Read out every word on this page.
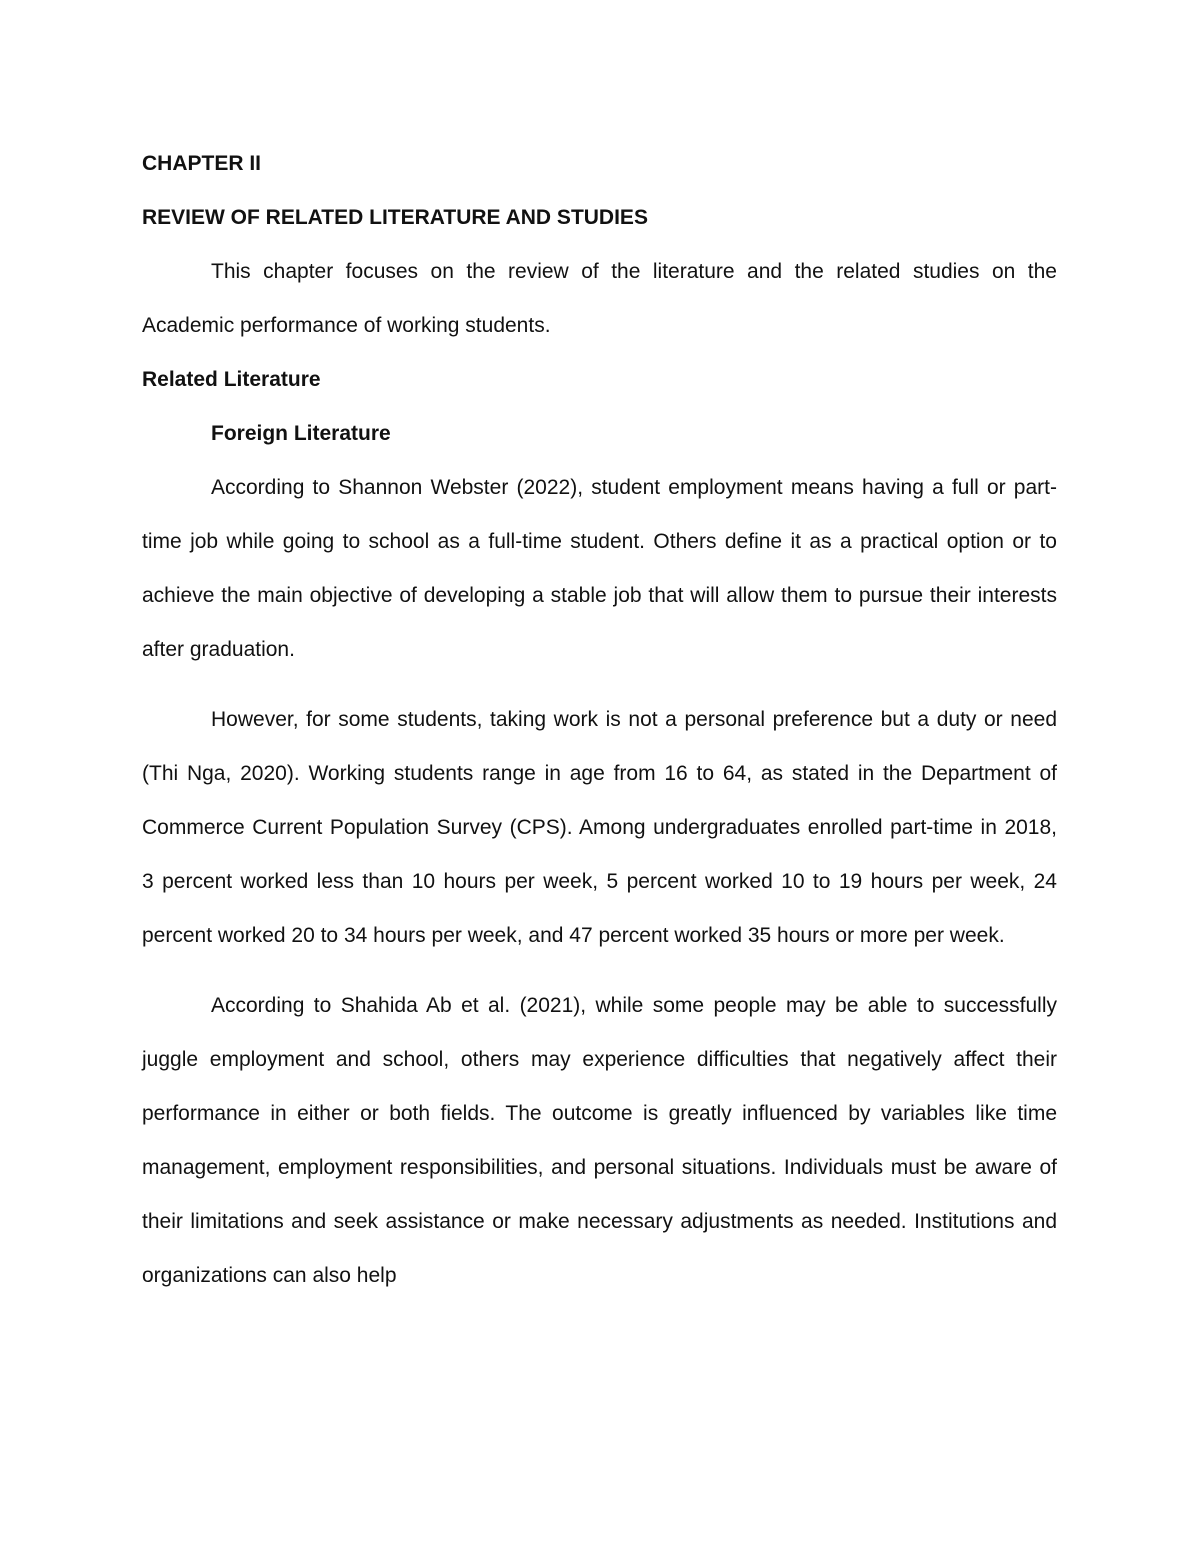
CHAPTER II
REVIEW OF RELATED LITERATURE AND STUDIES

This chapter focuses on the review of the literature and the related studies on the Academic performance of working students.

Related Literature
Foreign Literature

According to Shannon Webster (2022), student employment means having a full or part-time job while going to school as a full-time student. Others define it as a practical option or to achieve the main objective of developing a stable job that will allow them to pursue their interests after graduation.

However, for some students, taking work is not a personal preference but a duty or need (Thi Nga, 2020). Working students range in age from 16 to 64, as stated in the Department of Commerce Current Population Survey (CPS). Among undergraduates enrolled part-time in 2018, 3 percent worked less than 10 hours per week, 5 percent worked 10 to 19 hours per week, 24 percent worked 20 to 34 hours per week, and 47 percent worked 35 hours or more per week.

According to Shahida Ab et al. (2021), while some people may be able to successfully juggle employment and school, others may experience difficulties that negatively affect their performance in either or both fields. The outcome is greatly influenced by variables like time management, employment responsibilities, and personal situations. Individuals must be aware of their limitations and seek assistance or make necessary adjustments as needed. Institutions and organizations can also help
